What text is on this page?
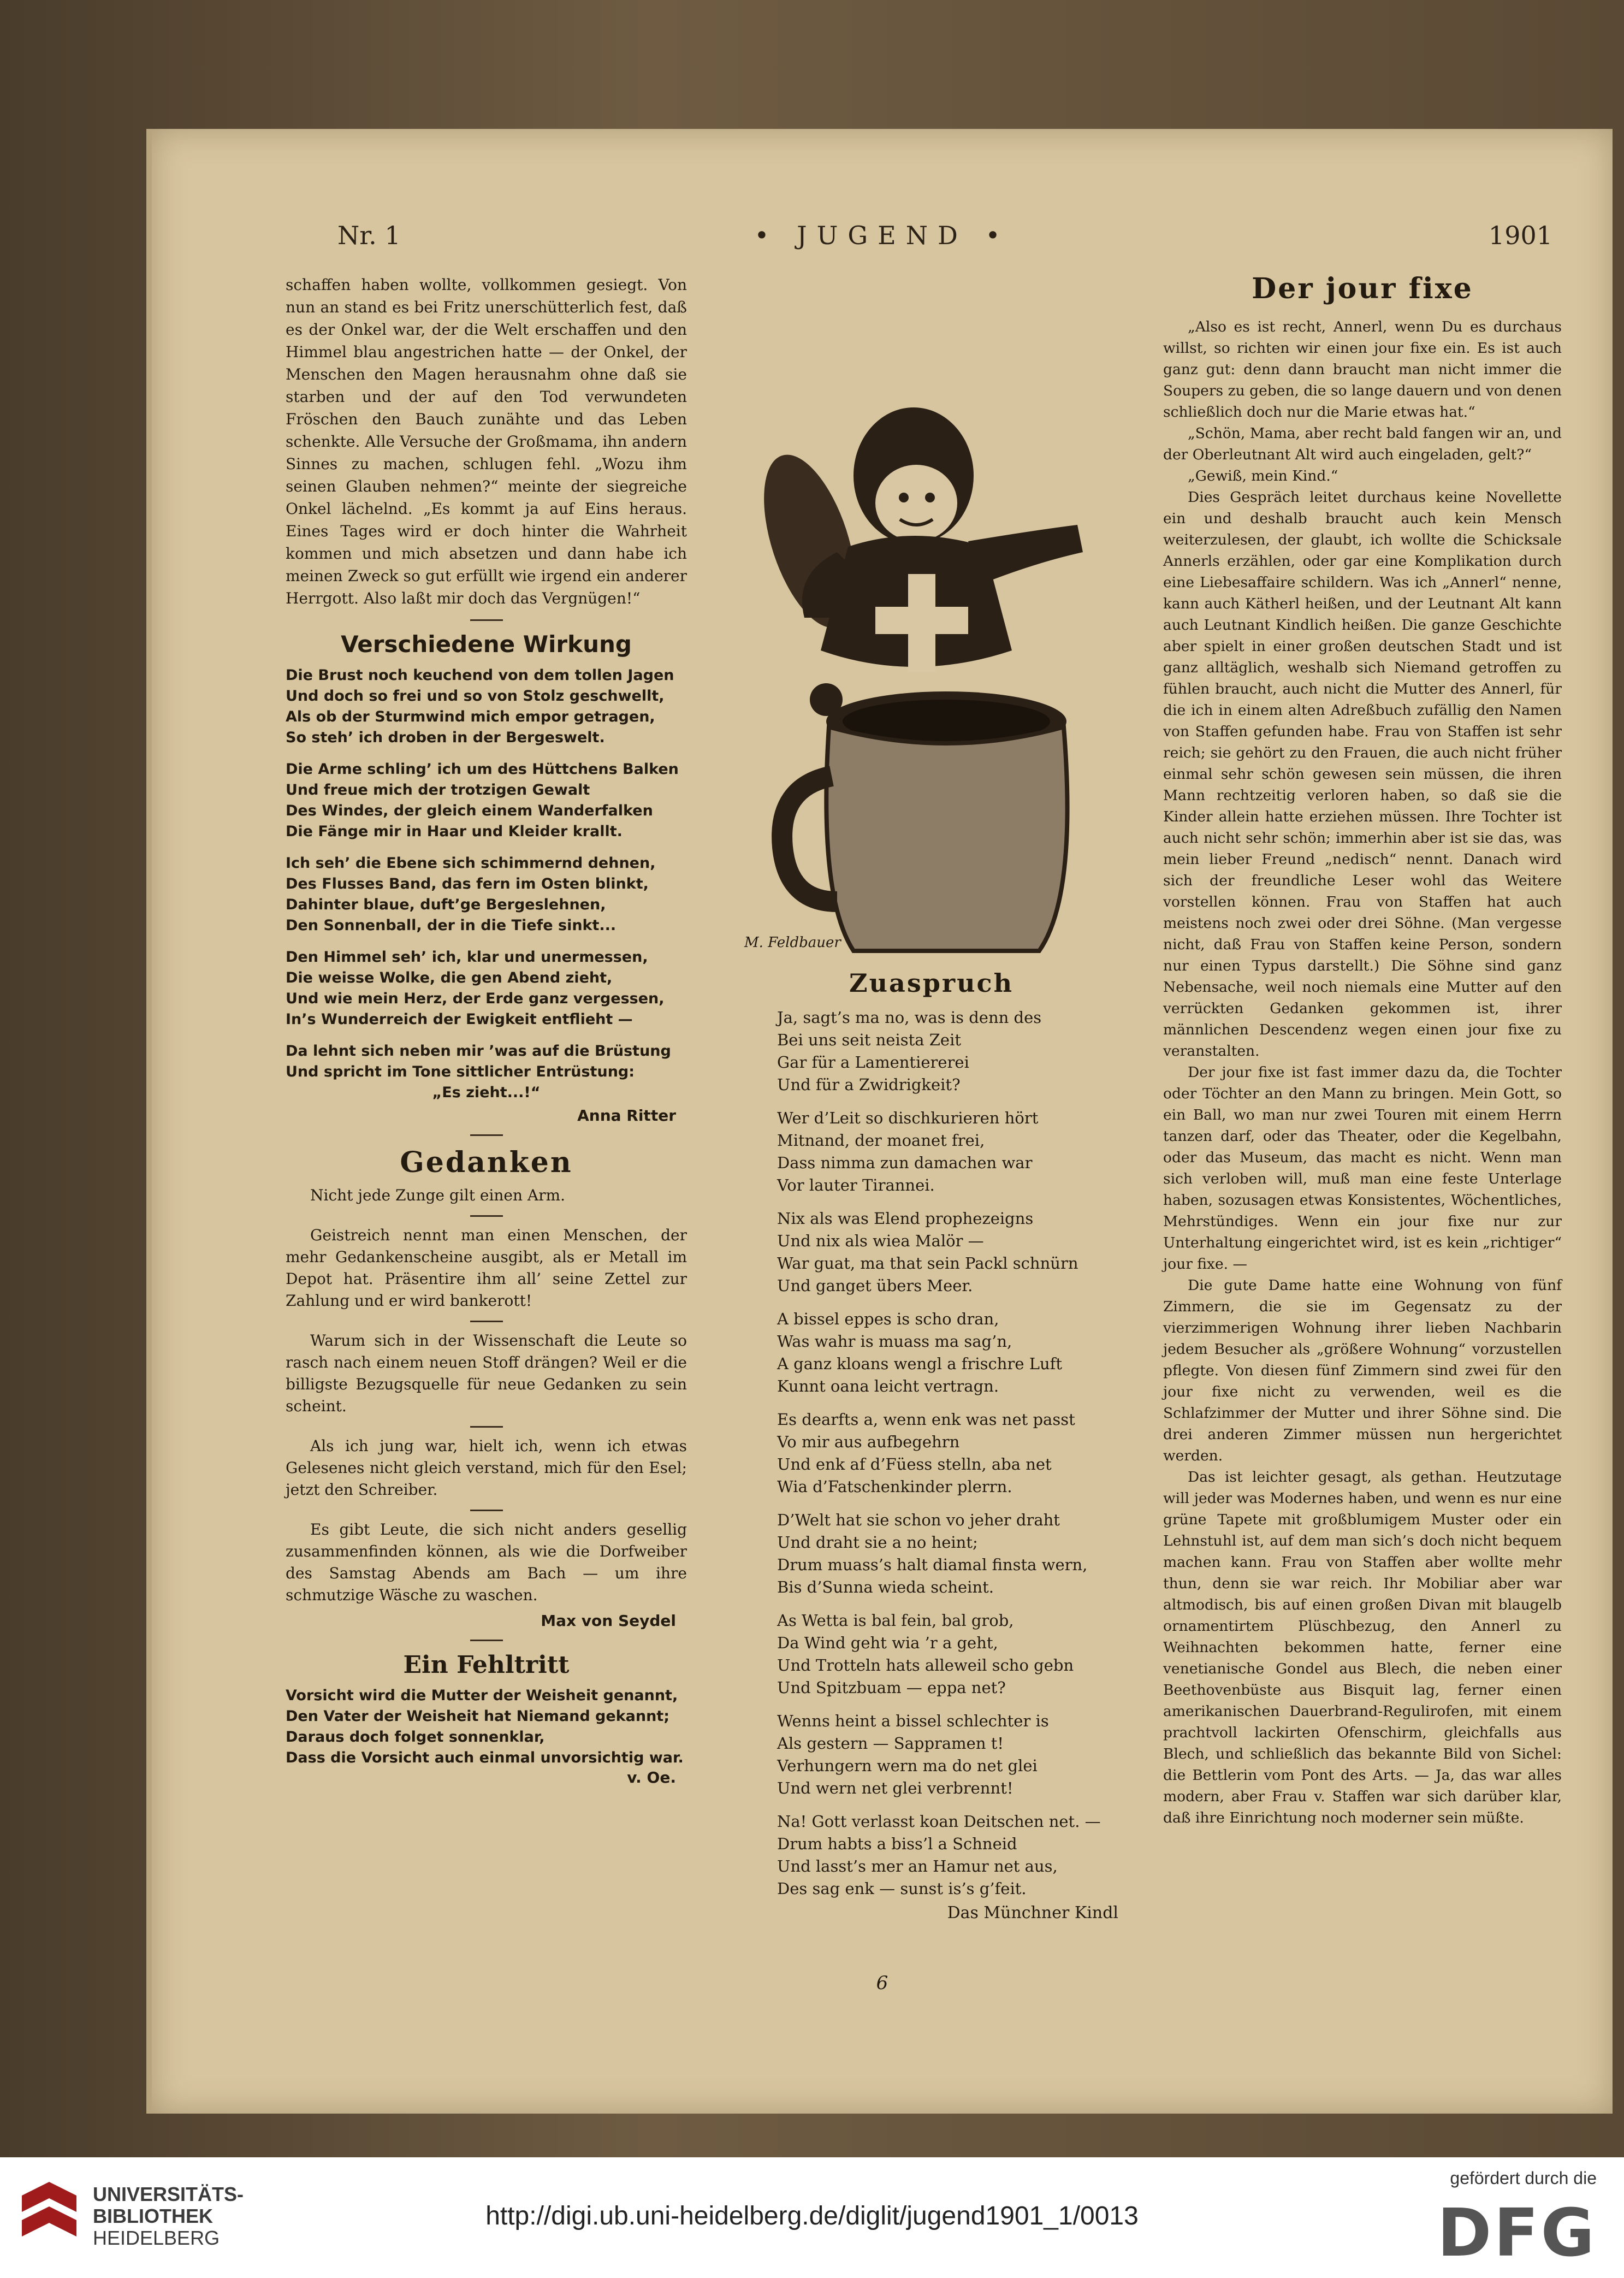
Nr. 1	• JUGEND •	1901

schaffen haben wollte, vollkommen gesiegt. Von nun an stand es bei Fritz unerschütterlich fest, daß es der Onkel war, der die Welt erschaffen und den Himmel blau angestrichen hatte — der Onkel, der Menschen den Magen herausnahm ohne daß sie starben und der auf den Tod verwundeten Fröschen den Bauch zunähte und das Leben schenkte. Alle Versuche der Großmama, ihn andern Sinnes zu machen, schlugen fehl. „Wozu ihm seinen Glauben nehmen?“ meinte der siegreiche Onkel lächelnd. „Es kommt ja auf Eins heraus. Eines Tages wird er doch hinter die Wahrheit kommen und mich absetzen und dann habe ich meinen Zweck so gut erfüllt wie irgend ein anderer Herrgott. Also laßt mir doch das Vergnügen!“

Verschiedene Wirkung
Die Brust noch keuchend von dem tollen Jagen
Und doch so frei und so von Stolz geschwellt,
Als ob der Sturmwind mich empor getragen,
So steh’ ich droben in der Bergeswelt.
Die Arme schling’ ich um des Hüttchens Balken
Und freue mich der trotzigen Gewalt
Des Windes, der gleich einem Wanderfalken
Die Fänge mir in Haar und Kleider krallt.
Ich seh’ die Ebene sich schimmernd dehnen,
Des Flusses Band, das fern im Osten blinkt,
Dahinter blaue, duft’ge Bergeslehnen,
Den Sonnenball, der in die Tiefe sinkt...
Den Himmel seh’ ich, klar und unermessen,
Die weisse Wolke, die gen Abend zieht,
Und wie mein Herz, der Erde ganz vergessen,
In’s Wunderreich der Ewigkeit entflieht —
Da lehnt sich neben mir ’was auf die Brüstung
Und spricht im Tone sittlicher Entrüstung:
„Es zieht...!“
Anna Ritter
Gedanken

Nicht jede Zunge gilt einen Arm.

Geistreich nennt man einen Menschen, der mehr Gedankenscheine ausgibt, als er Metall im Depot hat. Präsentire ihm all’ seine Zettel zur Zahlung und er wird bankerott!

Warum sich in der Wissenschaft die Leute so rasch nach einem neuen Stoff drängen? Weil er die billigste Bezugsquelle für neue Gedanken zu sein scheint.

Als ich jung war, hielt ich, wenn ich etwas Gelesenes nicht gleich verstand, mich für den Esel; jetzt den Schreiber.

Es gibt Leute, die sich nicht anders gesellig zusammenfinden können, als wie die Dorfweiber des Samstag Abends am Bach — um ihre schmutzige Wäsche zu waschen.

Max von Seydel
Ein Fehltritt
Vorsicht wird die Mutter der Weisheit genannt,
Den Vater der Weisheit hat Niemand gekannt;
Daraus doch folget sonnenklar,
Dass die Vorsicht auch einmal unvorsichtig war.
v. Oe.
M. Feldbauer
Zuaspruch
Ja, sagt’s ma no, was is denn des
Bei uns seit neista Zeit
Gar für a Lamentiererei
Und für a Zwidrigkeit?
Wer d’Leit so dischkurieren hört
Mitnand, der moanet frei,
Dass nimma zun damachen war
Vor lauter Tirannei.
Nix als was Elend prophezeigns
Und nix als wiea Malör —
War guat, ma that sein Packl schnürn
Und ganget übers Meer.
A bissel eppes is scho dran,
Was wahr is muass ma sag’n,
A ganz kloans wengl a frischre Luft
Kunnt oana leicht vertragn.
Es dearfts a, wenn enk was net passt
Vo mir aus aufbegehrn
Und enk af d’Füess stelln, aba net
Wia d’Fatschenkinder plerrn.
D’Welt hat sie schon vo jeher draht
Und draht sie a no heint;
Drum muass’s halt diamal finsta wern,
Bis d’Sunna wieda scheint.
As Wetta is bal fein, bal grob,
Da Wind geht wia ’r a geht,
Und Trotteln hats alleweil scho gebn
Und Spitzbuam — eppa net?
Wenns heint a bissel schlechter is
Als gestern — Sappramen t!
Verhungern wern ma do net glei
Und wern net glei verbrennt!
Na! Gott verlasst koan Deitschen net. —
Drum habts a biss’l a Schneid
Und lasst’s mer an Hamur net aus,
Des sag enk — sunst is’s g’feit.
Das Münchner Kindl
Der jour fixe

„Also es ist recht, Annerl, wenn Du es durchaus willst, so richten wir einen jour fixe ein. Es ist auch ganz gut: denn dann braucht man nicht immer die Soupers zu geben, die so lange dauern und von denen schließlich doch nur die Marie etwas hat.“

„Schön, Mama, aber recht bald fangen wir an, und der Oberleutnant Alt wird auch eingeladen, gelt?“

„Gewiß, mein Kind.“

Dies Gespräch leitet durchaus keine Novellette ein und deshalb braucht auch kein Mensch weiterzulesen, der glaubt, ich wollte die Schicksale Annerls erzählen, oder gar eine Komplikation durch eine Liebesaffaire schildern. Was ich „Annerl“ nenne, kann auch Kätherl heißen, und der Leutnant Alt kann auch Leutnant Kindlich heißen. Die ganze Geschichte aber spielt in einer großen deutschen Stadt und ist ganz alltäglich, weshalb sich Niemand getroffen zu fühlen braucht, auch nicht die Mutter des Annerl, für die ich in einem alten Adreßbuch zufällig den Namen von Staffen gefunden habe. Frau von Staffen ist sehr reich; sie gehört zu den Frauen, die auch nicht früher einmal sehr schön gewesen sein müssen, die ihren Mann rechtzeitig verloren haben, so daß sie die Kinder allein hatte erziehen müssen. Ihre Tochter ist auch nicht sehr schön; immerhin aber ist sie das, was mein lieber Freund „nedisch“ nennt. Danach wird sich der freundliche Leser wohl das Weitere vorstellen können. Frau von Staffen hat auch meistens noch zwei oder drei Söhne. (Man vergesse nicht, daß Frau von Staffen keine Person, sondern nur einen Typus darstellt.) Die Söhne sind ganz Nebensache, weil noch niemals eine Mutter auf den verrückten Gedanken gekommen ist, ihrer männlichen Descendenz wegen einen jour fixe zu veranstalten.

Der jour fixe ist fast immer dazu da, die Tochter oder Töchter an den Mann zu bringen. Mein Gott, so ein Ball, wo man nur zwei Touren mit einem Herrn tanzen darf, oder das Theater, oder die Kegelbahn, oder das Museum, das macht es nicht. Wenn man sich verloben will, muß man eine feste Unterlage haben, sozusagen etwas Konsistentes, Wöchentliches, Mehrstündiges. Wenn ein jour fixe nur zur Unterhaltung eingerichtet wird, ist es kein „richtiger“ jour fixe. —

Die gute Dame hatte eine Wohnung von fünf Zimmern, die sie im Gegensatz zu der vierzimmerigen Wohnung ihrer lieben Nachbarin jedem Besucher als „größere Wohnung“ vorzustellen pflegte. Von diesen fünf Zimmern sind zwei für den jour fixe nicht zu verwenden, weil es die Schlafzimmer der Mutter und ihrer Söhne sind. Die drei anderen Zimmer müssen nun hergerichtet werden.

Das ist leichter gesagt, als gethan. Heutzutage will jeder was Modernes haben, und wenn es nur eine grüne Tapete mit großblumigem Muster oder ein Lehnstuhl ist, auf dem man sich’s doch nicht bequem machen kann. Frau von Staffen aber wollte mehr thun, denn sie war reich. Ihr Mobiliar aber war altmodisch, bis auf einen großen Divan mit blaugelb ornamentirtem Plüschbezug, den Annerl zu Weihnachten bekommen hatte, ferner eine venetianische Gondel aus Blech, die neben einer Beethovenbüste aus Bisquit lag, ferner einen amerikanischen Dauerbrand-Regulirofen, mit einem prachtvoll lackirten Ofenschirm, gleichfalls aus Blech, und schließlich das bekannte Bild von Sichel: die Bettlerin vom Pont des Arts. — Ja, das war alles modern, aber Frau v. Staffen war sich darüber klar, daß ihre Einrichtung noch moderner sein müßte.

6
UNIVERSITÄTS-
BIBLIOTHEK
HEIDELBERG
http://digi.ub.uni-heidelberg.de/diglit/jugend1901_1/0013
gefördert durch die
DFG
